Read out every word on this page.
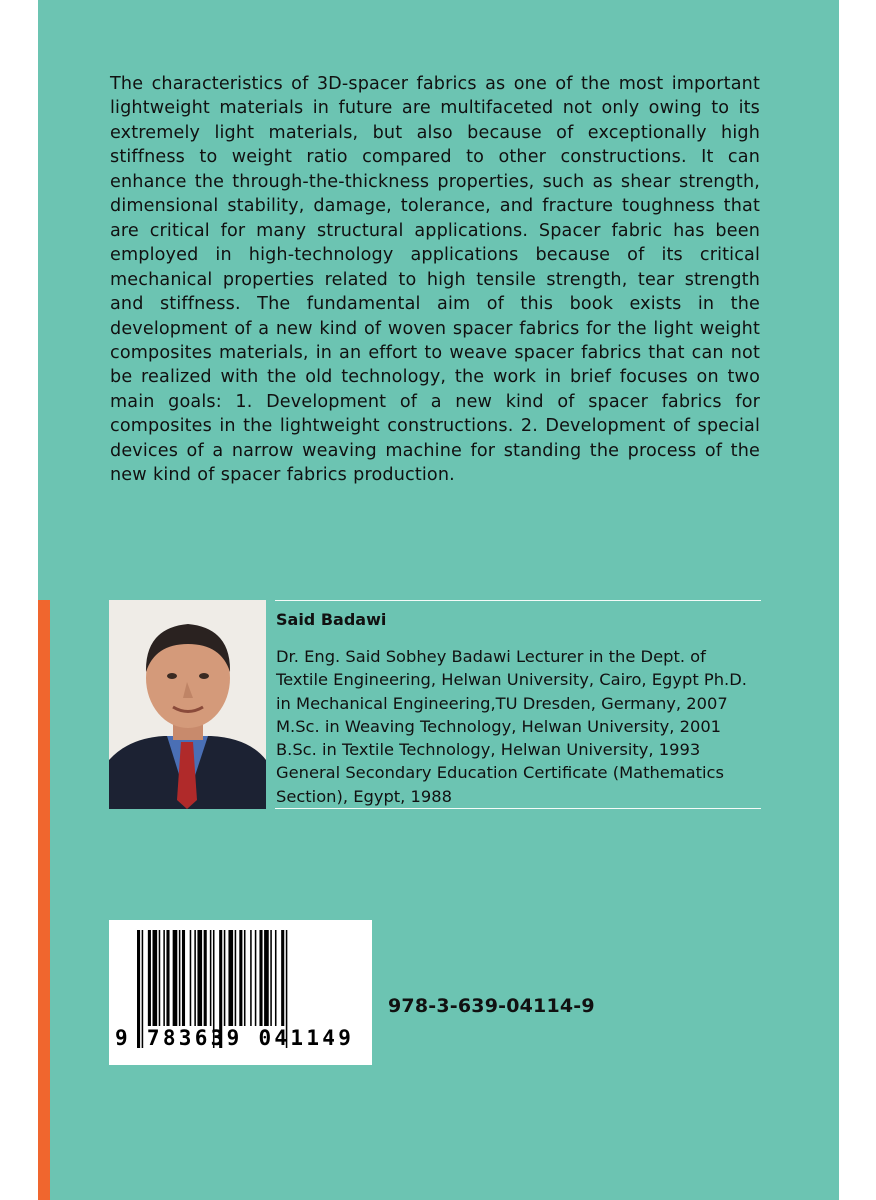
The characteristics of 3D-spacer fabrics as one of the most important lightweight materials in future are multifaceted not only owing to its extremely light materials, but also because of exceptionally high stiffness to weight ratio compared to other constructions. It can enhance the through-the-thickness properties, such as shear strength, dimensional stability, damage, tolerance, and fracture toughness that are critical for many structural applications. Spacer fabric has been employed in high-technology applications because of its critical mechanical properties related to high tensile strength, tear strength and stiffness. The fundamental aim of this book exists in the development of a new kind of woven spacer fabrics for the light weight composites materials, in an effort to weave spacer fabrics that can not be realized with the old technology, the work in brief focuses on two main goals: 1. Development of a new kind of spacer fabrics for composites in the lightweight constructions. 2. Development of special devices of a narrow weaving machine for standing the process of the new kind of spacer fabrics production.

Said Badawi
Dr. Eng. Said Sobhey Badawi Lecturer in the Dept. of
Textile Engineering, Helwan University, Cairo, Egypt Ph.D.
in Mechanical Engineering,TU Dresden, Germany, 2007
M.Sc. in Weaving Technology, Helwan University, 2001
B.Sc. in Textile Technology, Helwan University, 1993
General Secondary Education Certificate (Mathematics
Section), Egypt, 1988
9 783639 041149
978-3-639-04114-9
